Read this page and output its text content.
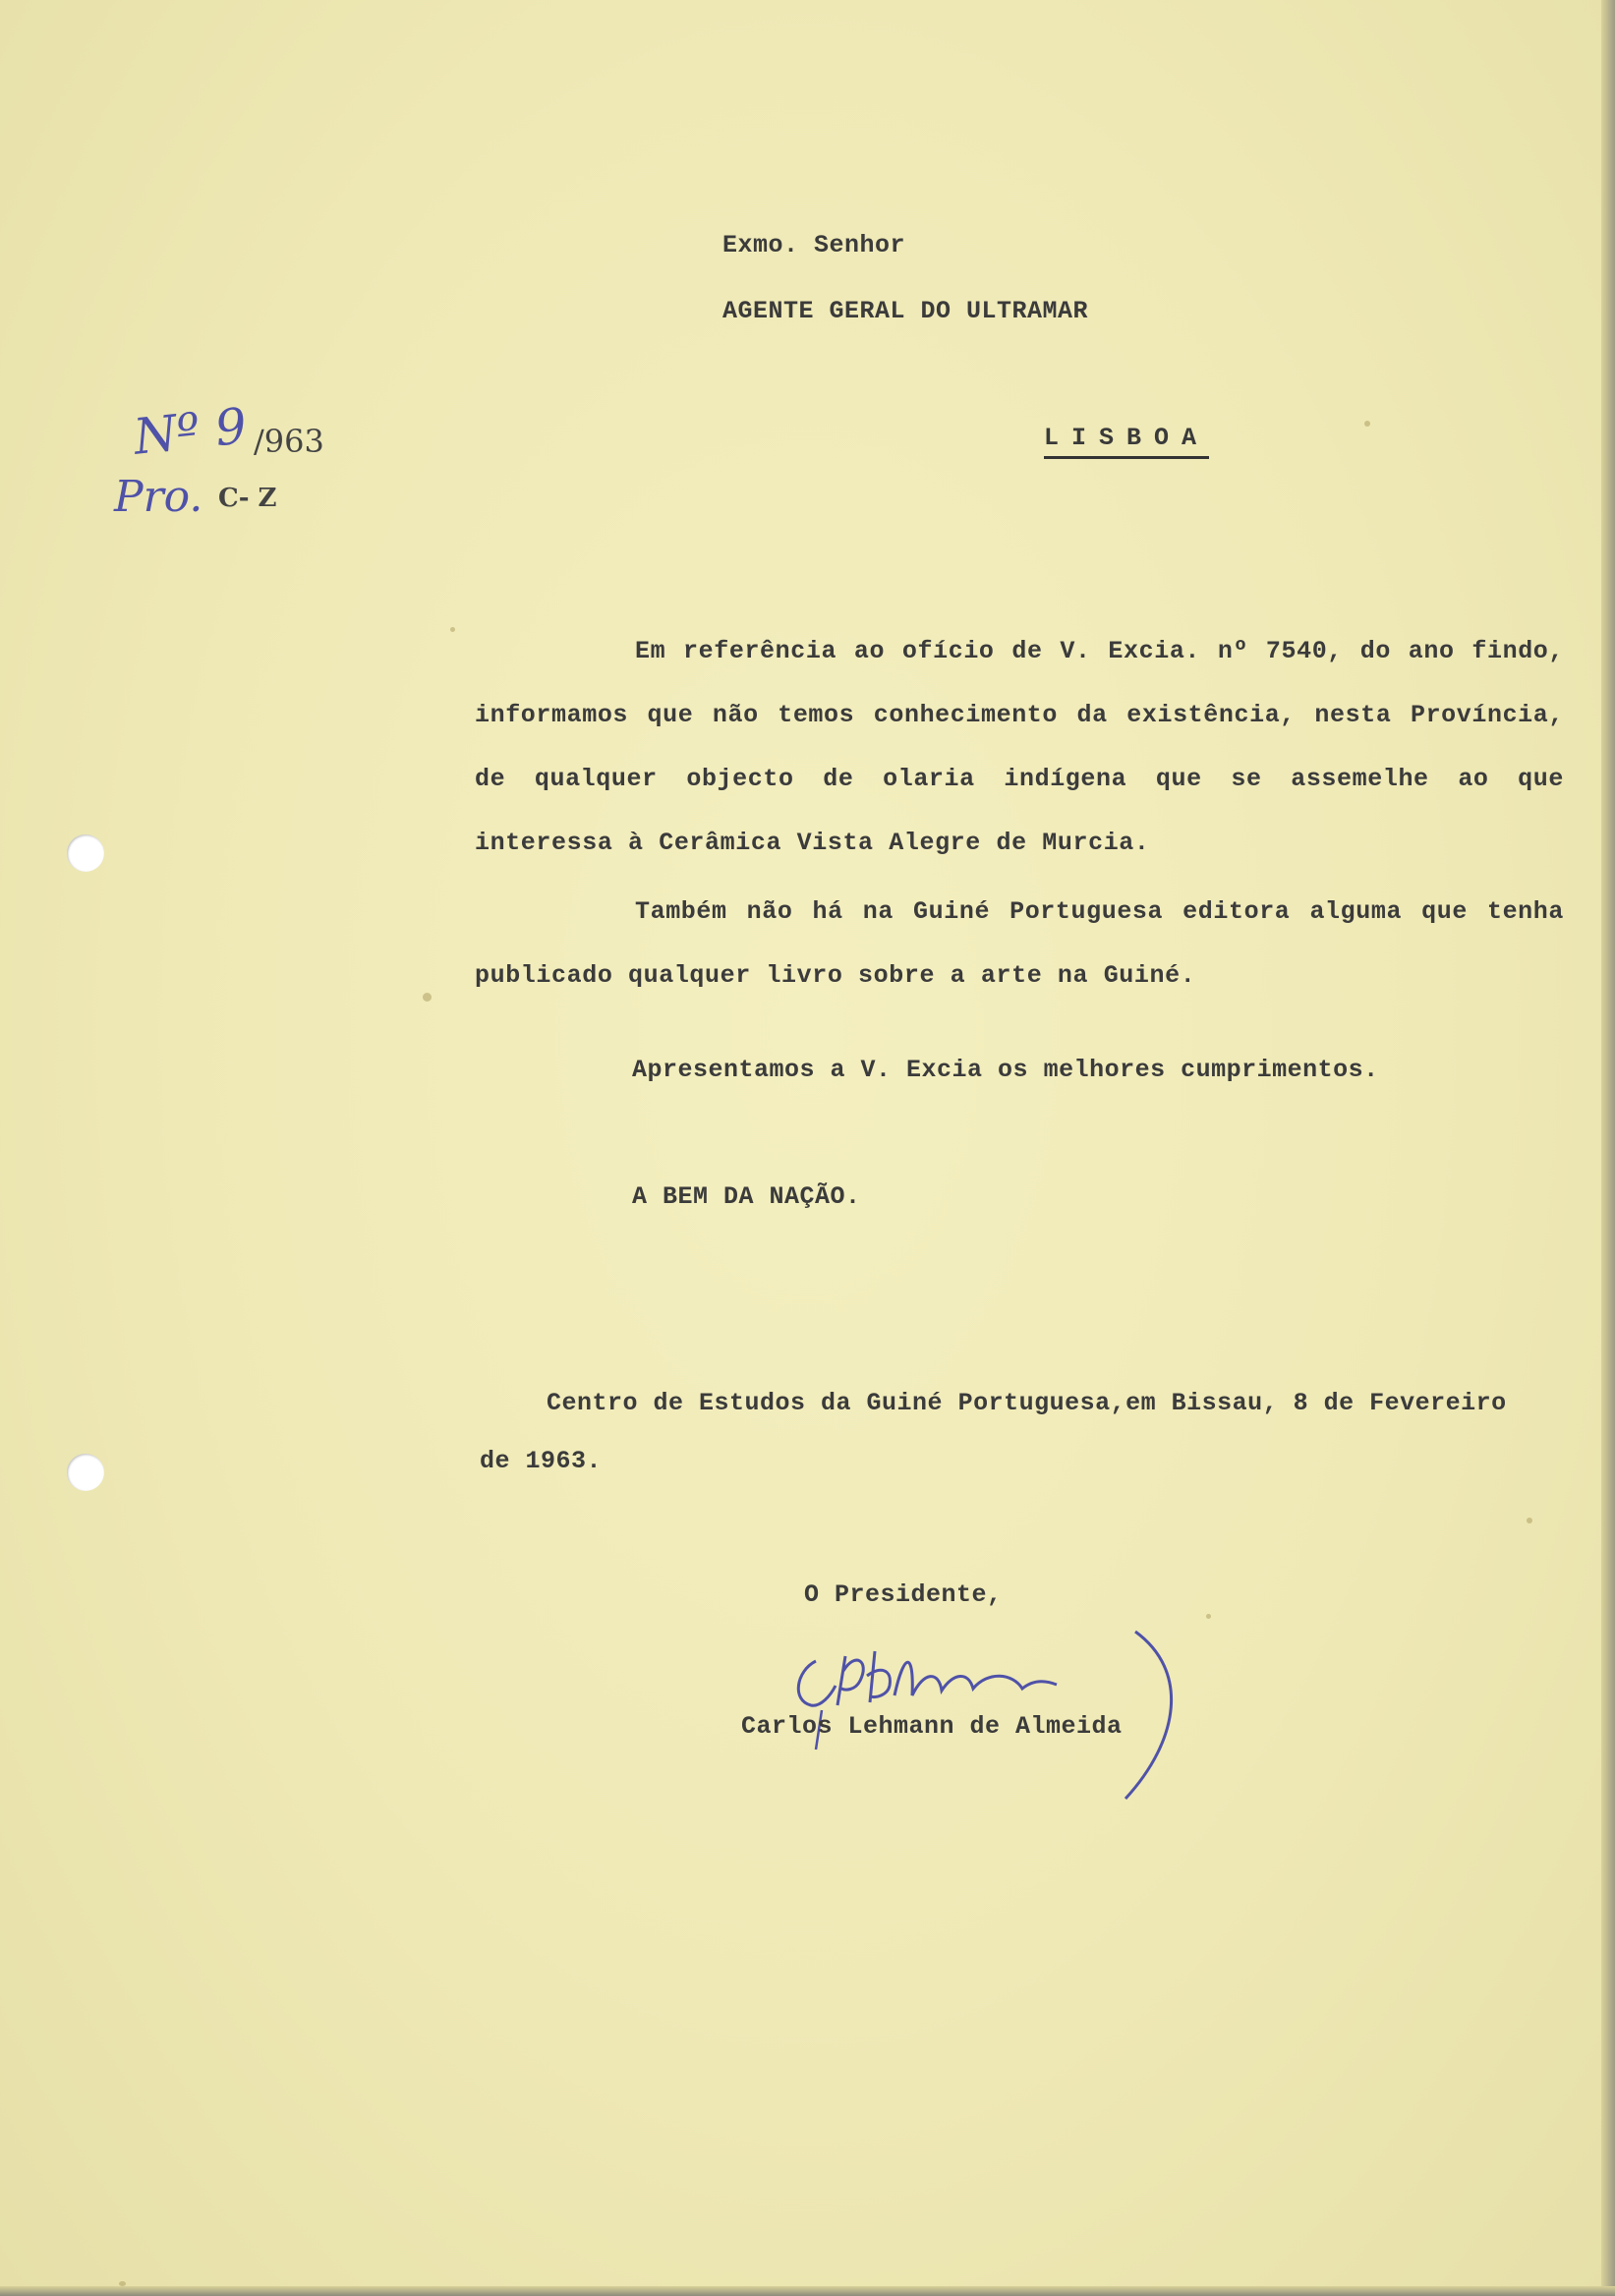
Exmo. Senhor
AGENTE GERAL DO ULTRAMAR
LISBOA
Nº 9 /963
Pro. C- Z

Em referência ao ofício de V. Excia. nº 7540, do ano findo, informamos que não temos conhecimento da existência, nesta Província, de qualquer objecto de olaria indígena que se assemelhe ao que interessa à Cerâmica Vista Alegre de Murcia.

Também não há na Guiné Portuguesa editora alguma que tenha publicado qualquer livro sobre a arte na Guiné.

Apresentamos a V. Excia os melhores cumprimentos.
A BEM DA NAÇÃO.
Centro de Estudos da Guiné Portuguesa,em Bissau, 8 de Fevereiro
de 1963.
O Presidente,
Carlos Lehmann de Almeida
